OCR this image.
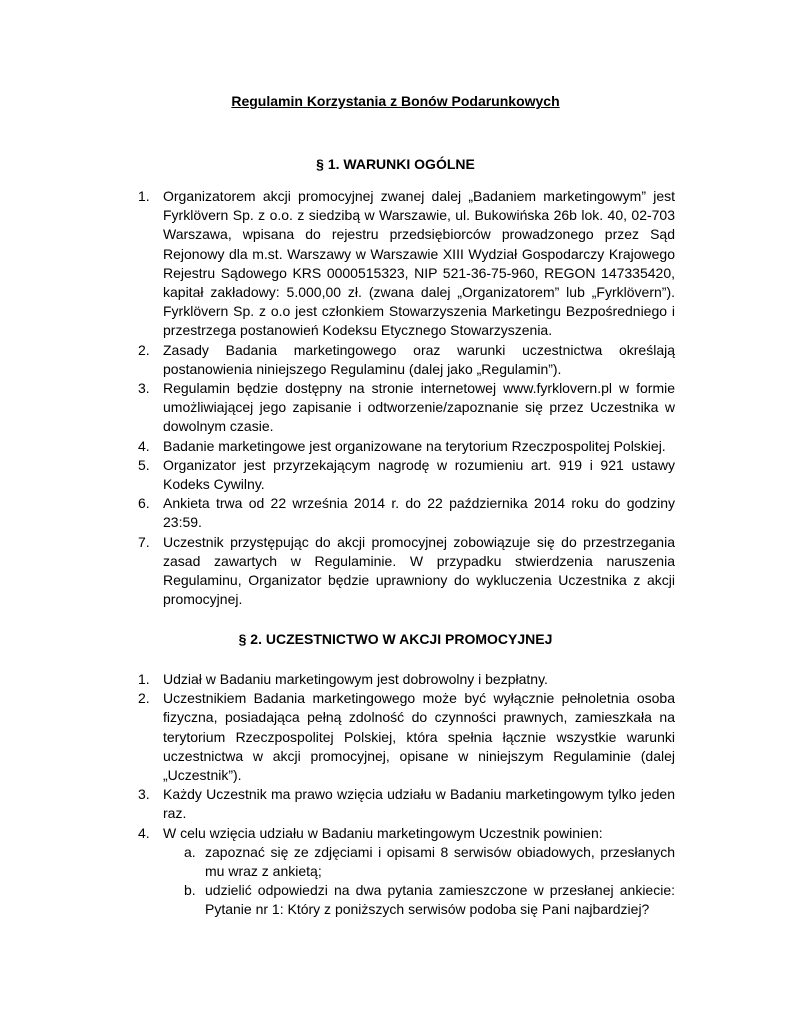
Regulamin Korzystania z Bonów Podarunkowych
§ 1. WARUNKI OGÓLNE
1. Organizatorem akcji promocyjnej zwanej dalej „Badaniem marketingowym” jest Fyrklövern Sp. z o.o. z siedzibą w Warszawie, ul. Bukowińska 26b lok. 40, 02-703 Warszawa, wpisana do rejestru przedsiębiorców prowadzonego przez Sąd Rejonowy dla m.st. Warszawy w Warszawie XIII Wydział Gospodarczy Krajowego Rejestru Sądowego KRS 0000515323, NIP 521-36-75-960, REGON 147335420, kapitał zakładowy: 5.000,00 zł. (zwana dalej „Organizatorem” lub „Fyrklövern”). Fyrklövern Sp. z o.o jest członkiem Stowarzyszenia Marketingu Bezpośredniego i przestrzega postanowień Kodeksu Etycznego Stowarzyszenia.
2. Zasady Badania marketingowego oraz warunki uczestnictwa określają postanowienia niniejszego Regulaminu (dalej jako „Regulamin”).
3. Regulamin będzie dostępny na stronie internetowej www.fyrklovern.pl w formie umożliwiającej jego zapisanie i odtworzenie/zapoznanie się przez Uczestnika w dowolnym czasie.
4. Badanie marketingowe jest organizowane na terytorium Rzeczpospolitej Polskiej.
5. Organizator jest przyrzekającym nagrodę w rozumieniu art. 919 i 921 ustawy Kodeks Cywilny.
6. Ankieta trwa od 22 września 2014 r. do 22 października 2014 roku do godziny 23:59.
7. Uczestnik przystępując do akcji promocyjnej zobowiązuje się do przestrzegania zasad zawartych w Regulaminie. W przypadku stwierdzenia naruszenia Regulaminu, Organizator będzie uprawniony do wykluczenia Uczestnika z akcji promocyjnej.
§ 2. UCZESTNICTWO W AKCJI PROMOCYJNEJ
1. Udział w Badaniu marketingowym jest dobrowolny i bezpłatny.
2. Uczestnikiem Badania marketingowego może być wyłącznie pełnoletnia osoba fizyczna, posiadająca pełną zdolność do czynności prawnych, zamieszkała na terytorium Rzeczpospolitej Polskiej, która spełnia łącznie wszystkie warunki uczestnictwa w akcji promocyjnej, opisane w niniejszym Regulaminie (dalej „Uczestnik”).
3. Każdy Uczestnik ma prawo wzięcia udziału w Badaniu marketingowym tylko jeden raz.
4. W celu wzięcia udziału w Badaniu marketingowym Uczestnik powinien:
a. zapoznać się ze zdjęciami i opisami 8 serwisów obiadowych, przesłanych mu wraz z ankietą;
b. udzielić odpowiedzi na dwa pytania zamieszczone w przesłanej ankiecie: Pytanie nr 1: Który z poniższych serwisów podoba się Pani najbardziej?
